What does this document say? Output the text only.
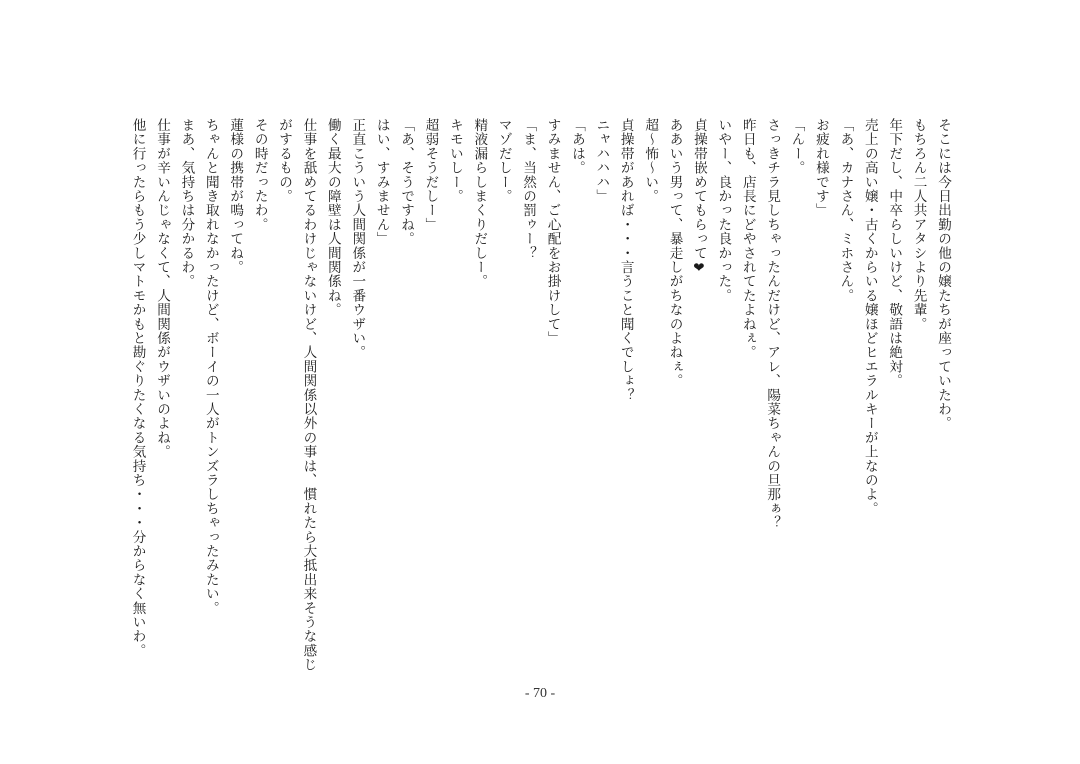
そこには今日出勤の他の嬢たちが座っていたわ。
もちろん二人共アタシより先輩。
年下だし、中卒らしいけど、敬語は絶対。
売上の高い嬢・古くからいる嬢ほどヒエラルキーが上なのよ。
「あ、カナさん、ミホさん。
お疲れ様です」
「んー。
さっきチラ見しちゃったんだけど、アレ、陽菜ちゃんの旦那ぁ？
昨日も、店長にどやされてたよねぇ。
いやー、良かった良かった。
貞操帯嵌めてもらって❤
ああいう男って、暴走しがちなのよねぇ。
超〜怖〜い。
貞操帯があれば・・・言うこと聞くでしょ？
ニャハハハ」
「あは。
すみません、ご心配をお掛けして」
「ま、当然の罰ゥー？
マゾだしー。
精液漏らしまくりだしー。
キモいしー。
超弱そうだしー」
「あ、そうですね。
はい、すみません」
正直こういう人間関係が一番ウザい。
働く最大の障壁は人間関係ね。
仕事を舐めてるわけじゃないけど、人間関係以外の事は、慣れたら大抵出来そうな感じ
がするもの。
その時だったわ。
蓮様の携帯が鳴ってね。
ちゃんと聞き取れなかったけど、ボーイの一人がトンズラしちゃったみたい。
まあ、気持ちは分かるわ。
仕事が辛いんじゃなくて、人間関係がウザいのよね。
他に行ったらもう少しマトモかもと勘ぐりたくなる気持ち・・・分からなく無いわ。
- 70 -
